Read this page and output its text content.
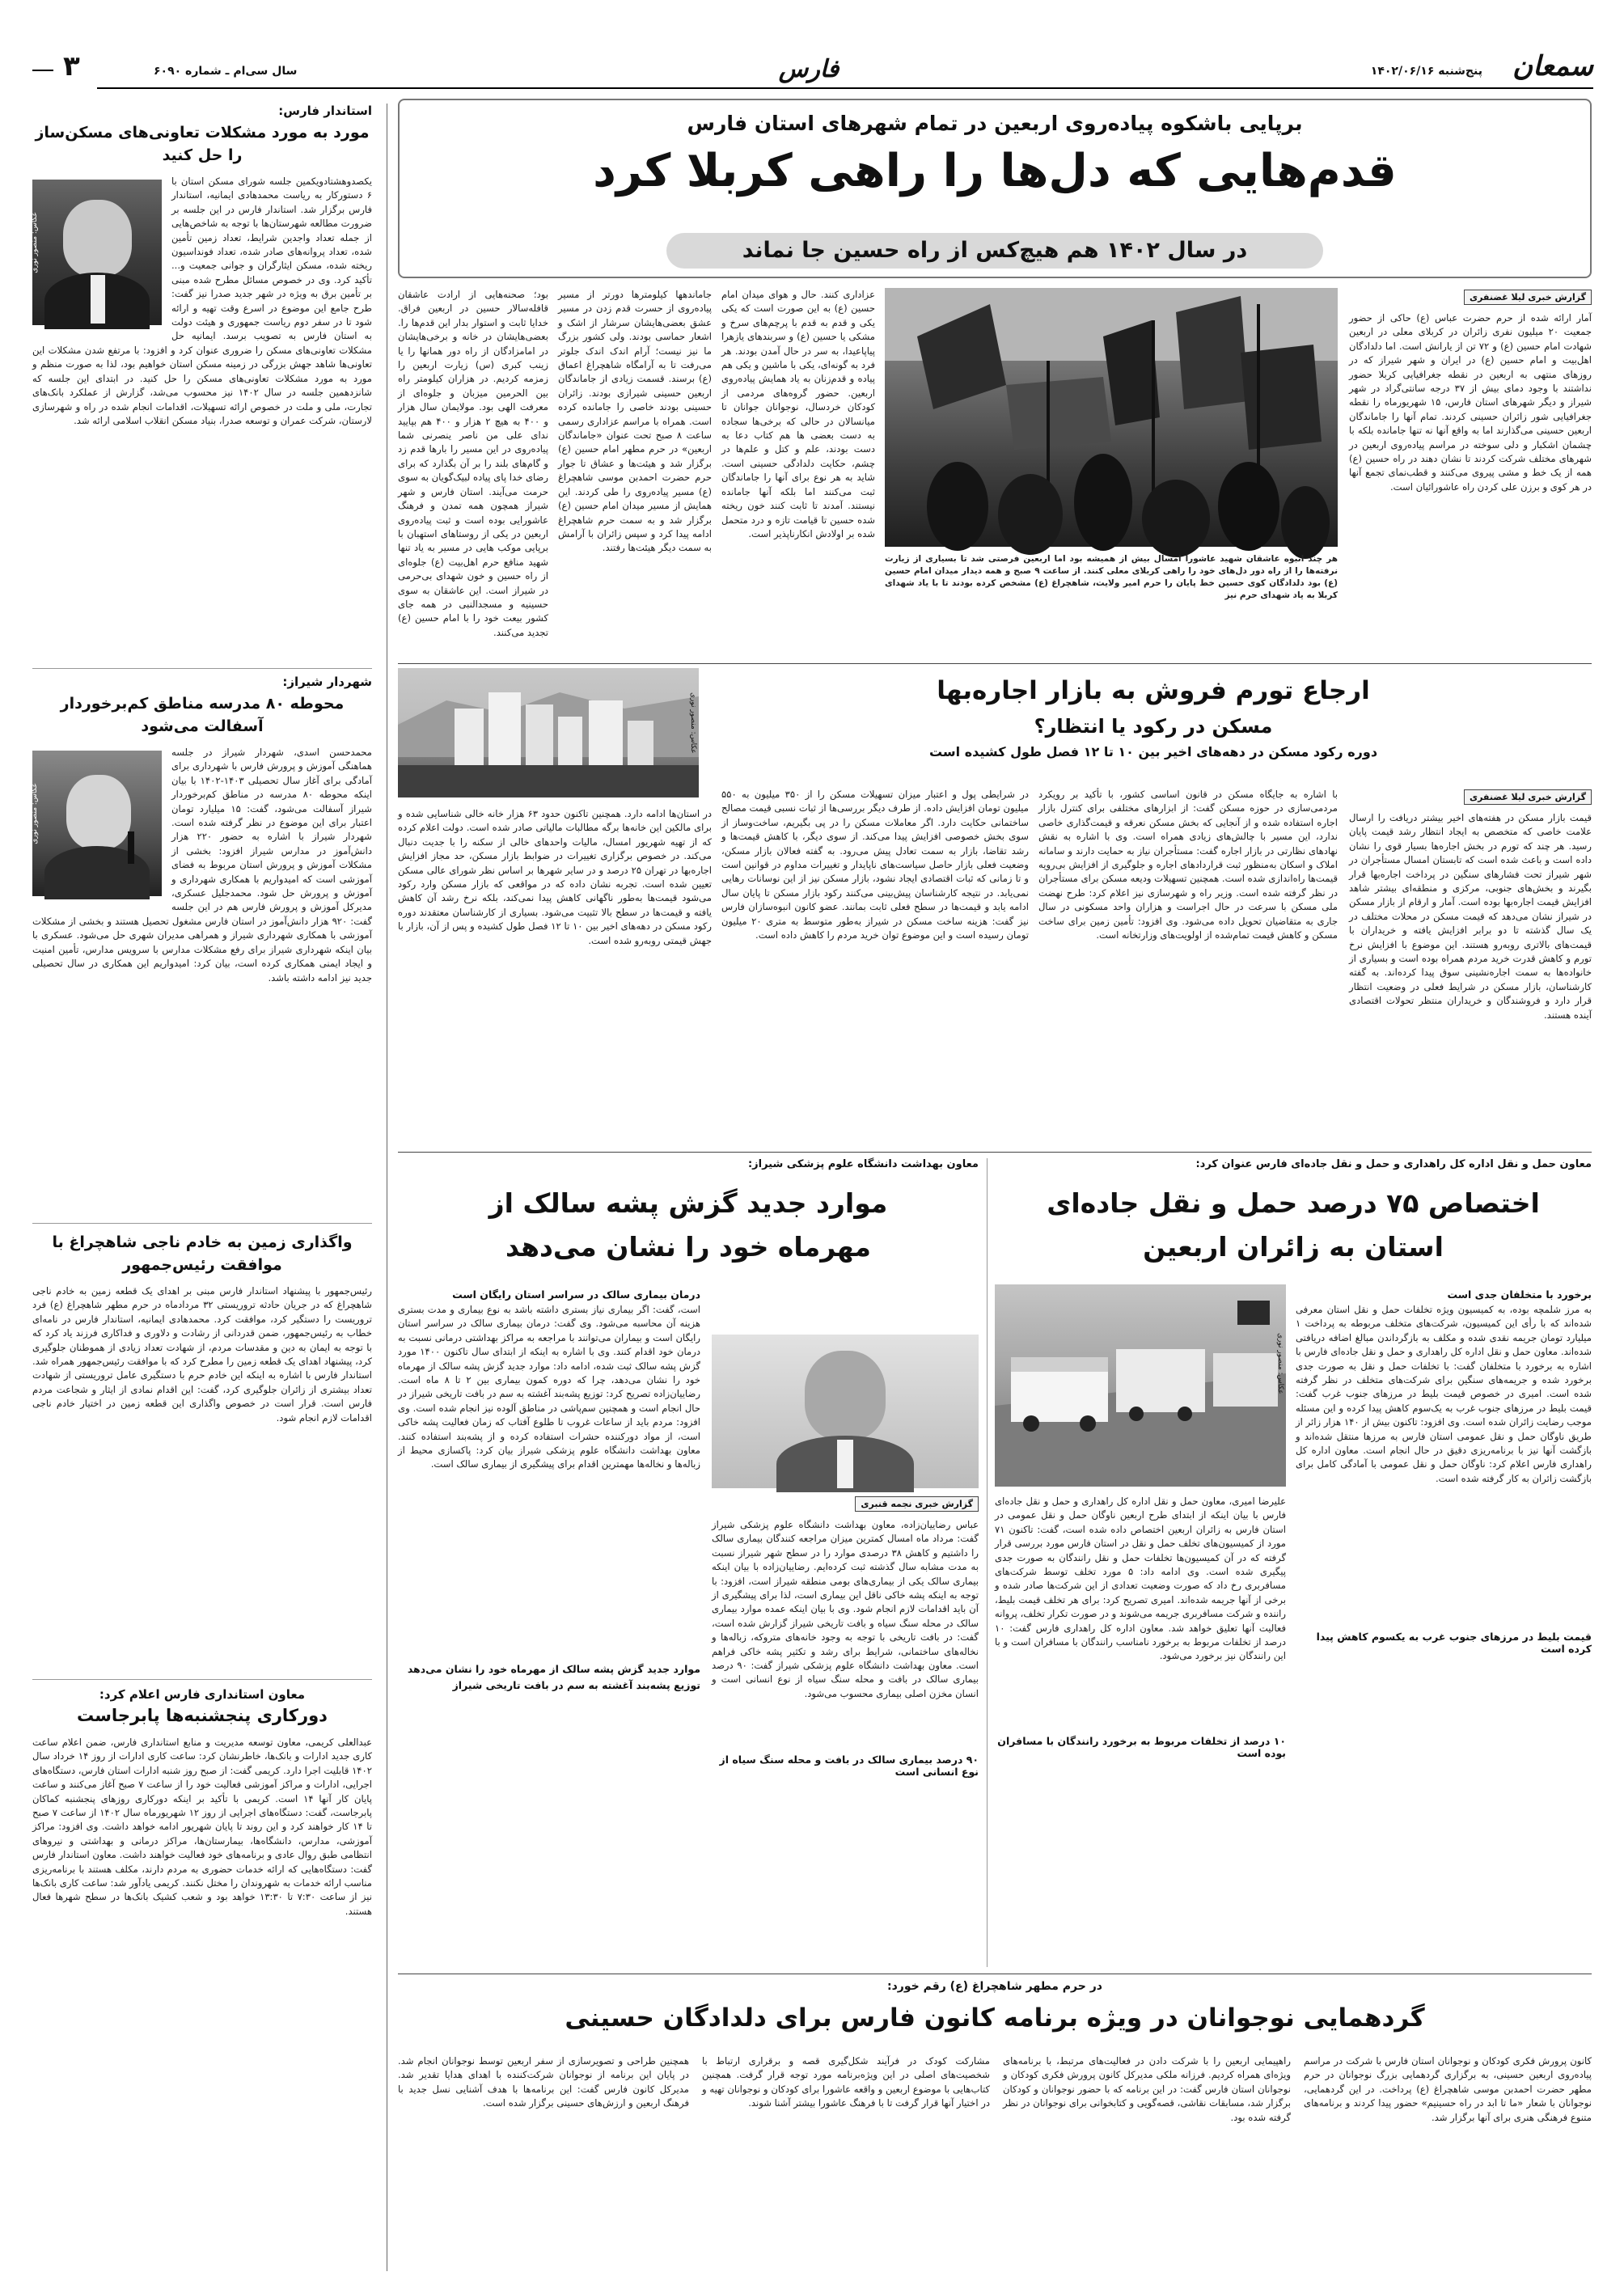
سمعان
پنج‌شنبه ۱۴۰۲/۰۶/۱۶
فارس
سال سی‌ام ـ شماره ۶۰۹۰
۳
استاندار فارس:
مورد به مورد مشکلات تعاونی‌های مسکن‌ساز را حل کنید
عکاس: منصور نوری
یکصدوهشتادویکمین جلسه شورای مسکن استان با ۶ دستورکار به ریاست محمدهادی ایمانیه، استاندار فارس برگزار شد. استاندار فارس در این جلسه بر ضرورت مطالعه شهرستان‌ها با توجه به شاخص‌هایی از جمله تعداد واجدین شرایط، تعداد زمین تأمین شده، تعداد پروانه‌های صادر شده، تعداد فونداسیون ریخته شده، مسکن ایثارگران و جوانی جمعیت و... تأکید کرد. وی در خصوص مسائل مطرح شده مبنی بر تأمین برق به ویژه در شهر جدید صدرا نیز گفت: طرح جامع این موضوع در اسرع وقت تهیه و ارائه شود تا در سفر دوم ریاست جمهوری و هیئت دولت به استان فارس به تصویب برسد. ایمانیه حل مشکلات تعاونی‌های مسکن را ضروری عنوان کرد و افزود: با مرتفع شدن مشکلات این تعاونی‌ها شاهد جهش بزرگی در زمینه مسکن استان خواهیم بود، لذا به صورت منظم و مورد به مورد مشکلات تعاونی‌های مسکن را حل کنید. در ابتدای این جلسه که شانزدهمین جلسه در سال ۱۴۰۲ نیز محسوب می‌شد، گزارش از عملکرد بانک‌های تجارت، ملی و ملت در خصوص ارائه تسهیلات، اقدامات انجام شده در راه و شهرسازی لارستان، شرکت عمران و توسعه صدرا، بنیاد مسکن انقلاب اسلامی ارائه شد.
شهردار شیراز:
محوطه ۸۰ مدرسه مناطق کم‌برخوردار آسفالت می‌شود
عکاس: منصور نوری
محمدحسن اسدی، شهردار شیراز در جلسه هماهنگی آموزش و پرورش فارس با شهرداری برای آمادگی برای آغاز سال تحصیلی ۱۴۰۳-۱۴۰۲ با بیان اینکه محوطه ۸۰ مدرسه در مناطق کم‌برخوردار شیراز آسفالت می‌شود، گفت: ۱۵ میلیارد تومان اعتبار برای این موضوع در نظر گرفته شده است. شهردار شیراز با اشاره به حضور ۲۲۰ هزار دانش‌آموز در مدارس شیراز افزود: بخشی از مشکلات آموزش و پرورش استان مربوط به فضای آموزشی است که امیدواریم با همکاری شهرداری و آموزش و پرورش حل شود. محمدجلیل عسکری، مدیرکل آموزش و پرورش فارس هم در این جلسه گفت: ۹۲۰ هزار دانش‌آموز در استان فارس مشغول تحصیل هستند و بخشی از مشکلات آموزشی با همکاری شهرداری شیراز و همراهی مدیران شهری حل می‌شود. عسکری با بیان اینکه شهرداری شیراز برای رفع مشکلات مدارس با سرویس مدارس، تأمین امنیت و ایجاد ایمنی همکاری کرده است، بیان کرد: امیدواریم این همکاری در سال تحصیلی جدید نیز ادامه داشته باشد.
واگذاری زمین به خادم ناجی شاهچراغ با موافقت رئیس‌جمهور
رئیس‌جمهور با پیشنهاد استاندار فارس مبنی بر اهدای یک قطعه زمین به خادم ناجی شاهچراغ که در جریان حادثه تروریستی ۳۲ مردادماه در حرم مطهر شاهچراغ (ع) فرد تروریست را دستگیر کرد، موافقت کرد. محمدهادی ایمانیه، استاندار فارس در نامه‌ای خطاب به رئیس‌جمهور، ضمن قدردانی از رشادت و دلاوری و فداکاری فرزند یاد کرد که با توجه به ایمان به دین و مقدسات مردم، از شهادت تعداد زیادی از هموطنان جلوگیری کرد، پیشنهاد اهدای یک قطعه زمین را مطرح کرد که با موافقت رئیس‌جمهور همراه شد. استاندار فارس با اشاره به اینکه این خادم حرم با دستگیری عامل تروریستی از شهادت تعداد بیشتری از زائران جلوگیری کرد، گفت: این اقدام نمادی از ایثار و شجاعت مردم فارس است. قرار است در خصوص واگذاری این قطعه زمین در اختیار خادم ناجی اقدامات لازم انجام شود.
معاون استانداری فارس اعلام کرد:
دورکاری پنجشنبه‌ها پابرجاست
عبدالعلی کریمی، معاون توسعه مدیریت و منابع استانداری فارس، ضمن اعلام ساعت کاری جدید ادارات و بانک‌ها، خاطرنشان کرد: ساعت کاری ادارات از روز ۱۴ خرداد سال ۱۴۰۲ قابلیت اجرا دارد. کریمی گفت: از صبح روز شنبه ادارات استان فارس، دستگاه‌های اجرایی، ادارات و مراکز آموزشی فعالیت خود را از ساعت ۷ صبح آغاز می‌کنند و ساعت پایان کار آنها ۱۴ است. کریمی با تأکید بر اینکه دورکاری روزهای پنجشنبه کماکان پابرجاست، گفت: دستگاه‌های اجرایی از روز ۱۲ شهریورماه سال ۱۴۰۲ از ساعت ۷ صبح تا ۱۴ کار خواهند کرد و این روند تا پایان شهریور ادامه خواهد داشت. وی افزود: مراکز آموزشی، مدارس، دانشگاه‌ها، بیمارستان‌ها، مراکز درمانی و بهداشتی و نیروهای انتظامی طبق روال عادی و برنامه‌های خود فعالیت خواهند داشت. معاون استاندار فارس گفت: دستگاه‌هایی که ارائه خدمات حضوری به مردم دارند، مکلف هستند با برنامه‌ریزی مناسب ارائه خدمات به شهروندان را مختل نکنند. کریمی یادآور شد: ساعت کاری بانک‌ها نیز از ساعت ۷:۳۰ تا ۱۳:۳۰ خواهد بود و شعب کشیک بانک‌ها در سطح شهرها فعال هستند.
برپایی باشکوه پیاده‌روی اربعین در تمام شهرهای استان فارس
قدم‌هایی که دل‌ها را راهی کربلا کرد
در سال ۱۴۰۲ هم هیچ‌کس از راه حسین جا نماند
گزارش خبری لیلا غضنفری
آمار ارائه شده از حرم حضرت عباس (ع) حاکی از حضور جمعیت ۲۰ میلیون نفری زائران در کربلای معلی در اربعین شهادت امام حسین (ع) و ۷۲ تن از یارانش است. اما دلدادگان اهل‌بیت و امام حسین (ع) در ایران و شهر شیراز که در روزهای منتهی به اربعین در نقطه جغرافیایی کربلا حضور نداشتند با وجود دمای بیش از ۳۷ درجه سانتی‌گراد در شهر شیراز و دیگر شهرهای استان فارس، ۱۵ شهریورماه را نقطه جغرافیایی شور زائران حسینی کردند. تمام آنها را جاماندگان اربعین حسینی می‌گذارند اما به واقع آنها نه تنها جامانده بلکه با چشمان اشکبار و دلی سوخته در مراسم پیاده‌روی اربعین در شهرهای مختلف شرکت کردند تا نشان دهند در راه حسین (ع) همه از یک خط و مشی پیروی می‌کنند و قطب‌نمای تجمع آنها در هر کوی و برزن علی کردن راه عاشورائیان است.
هر چند انبوه عاشقان شهید عاشورا امسال بیش از همیشه بود اما اربعین فرصتی شد تا بسیاری از زیارت نرفته‌ها را از راه دور دل‌های خود را راهی کربلای معلی کنند. از ساعت ۹ صبح و همه دیدار میدان امام حسین (ع) بود دلدادگان کوی حسین خط پایان را حرم امیر ولایت، شاهچراغ (ع) مشخص کرده بودند تا با یاد شهدای کربلا به یاد شهدای حرم نیز
عزاداری کنند. حال و هوای میدان امام حسین (ع) به این صورت است که یکی یکی و قدم به قدم با پرچم‌های سرخ و مشکی یا حسین (ع) و سربندهای یازهرا پیاپاعیدا، به سر در حال آمدن بودند. هر فرد به گونه‌ای، یکی با ماشین و یکی هم پیاده و قدم‌زنان به یاد همایش پیاده‌روی اربعین. حضور گروه‌های مردمی از کودکان خردسال، نوجوانان جوانان تا میانسالان در حالی که برخی‌ها سجاده به دست بعضی ها هم کتاب دعا به دست بودند، علم و کتل و علم‌ها در چشم، حکایت دلدادگی حسینی است. شاید به هر نوع برای آنها را جاماندگان ثبت می‌کنند اما بلکه آنها جامانده نیستند. آمدند تا ثابت کنند خون ریخته شده حسین تا قیامت تازه و درد متحمل شده بر اولادش انکارناپذیر است.
جاماندهها کیلومترها دورتر از مسیر پیاده‌روی از حسرت قدم زدن در مسیر عشق بعضی‌هایشان سرشار از اشک و اشعار حماسی بودند. ولی کشور بزرگ ما نیز نیست؛ آرام اندک اندک جلوتر می‌رفت تا به آرامگاه شاهچراغ اعماق (ع) برسند. قسمت زیادی از جاماندگان اربعین حسینی شیرازی بودند. زائران حسینی بودند خاصی را جامانده کرده است. همراه با مراسم عزاداری رسمی ساعت ۸ صبح تحت عنوان «جاماندگان اربعین» در حرم مطهر امام حسین (ع) برگزار شد و هیئت‌ها و عشاق تا جوار حرم حضرت احمدبن موسی شاهچراغ (ع) مسیر پیاده‌روی را طی کردند. این همایش از مسیر میدان امام حسین (ع) برگزار شد و به سمت حرم شاهچراغ ادامه پیدا کرد و سپس زائران با آرامش به سمت دیگر هیئت‌ها رفتند.
بود؛ صحنه‌هایی از ارادت عاشقان قافله‌سالار حسین در اربعین فراق. خدایا ثابت و استوار بدار این قدم‌ها را. بعضی‌هایشان در خانه و برخی‌هایشان در امامزادگان از راه دور همانها را یا زینب کبری (س) زیارت اربعین را زمزمه کردیم. در هزاران کیلومتر راه بین الحرمین میزبان و جلوه‌ای از معرفت الهی بود. مولایمان سال هزار و ۴۰۰ به هیچ ۲ هزار و ۴۰۰ هم بپایید ندای علی من ناصر ینصرنی شما پیاده‌روی در این مسیر را بارها قدم زد و گام‌های بلند را بر آن بگذارد که برای رضای خدا پای پیاده لبیک‌گویان به سوی حرمت می‌آیند. استان فارس و شهر شیراز همچون همه تمدن و فرهنگ عاشورایی بوده است و ثبت پیاده‌روی اربعین در یکی از روستاهای استهبان با برپایی موکب هایی در مسیر به یاد تنها شهید منافع حرم اهل‌بیت (ع) جلوه‌ای از راه حسین و خون شهدای بی‌حرمی در شیراز است. این عاشقان به سوی حسینیه و مسجدالنبی در همه جای کشور بیعت خود را با امام حسین (ع) تجدید می‌کنند.
عکاس: منصور نوری
ارجاع تورم فروش به بازار اجاره‌بها
مسکن در رکود یا انتظار؟
دوره رکود مسکن در دهه‌های اخیر بین ۱۰ تا ۱۲ فصل طول کشیده است
گزارش خبری لیلا غضنفری
قیمت بازار مسکن در هفته‌های اخیر بیشتر دریافت را ارسال علامت خاصی که متخصص به ایجاد انتظار رشد قیمت پایان رسید. هر چند که تورم در بخش اجاره‌ها بسیار قوی را نشان داده است و باعث شده است که تابستان امسال مستأجران در شهر شیراز تحت فشارهای سنگین در پرداخت اجاره‌بها قرار بگیرند و بخش‌های جنوبی، مرکزی و منطقه‌ای بیشتر شاهد افزایش قیمت اجاره‌بها بوده است. آمار و ارقام از بازار مسکن در شیراز نشان می‌دهد که قیمت مسکن در محلات مختلف در یک سال گذشته تا دو برابر افزایش یافته و خریداران با قیمت‌های بالاتری روبه‌رو هستند. این موضوع با افزایش نرخ تورم و کاهش قدرت خرید مردم همراه بوده است و بسیاری از خانواده‌ها به سمت اجاره‌نشینی سوق پیدا کرده‌اند. به گفته کارشناسان، بازار مسکن در شرایط فعلی در وضعیت انتظار قرار دارد و فروشندگان و خریداران منتظر تحولات اقتصادی آینده هستند.
با اشاره به جایگاه مسکن در قانون اساسی کشور، با تأکید بر رویکرد مردمی‌سازی در حوزه مسکن گفت: از ابزارهای مختلفی برای کنترل بازار اجاره استفاده شده و از آنجایی که بخش مسکن نعرقه و قیمت‌گذاری خاصی ندارد، این مسیر با چالش‌های زیادی همراه است. وی با اشاره به نقش نهادهای نظارتی در بازار اجاره گفت: مستأجران نیاز به حمایت دارند و سامانه املاک و اسکان به‌منظور ثبت قراردادهای اجاره و جلوگیری از افزایش بی‌رویه قیمت‌ها راه‌اندازی شده است. همچنین تسهیلات ودیعه مسکن برای مستأجران در نظر گرفته شده است. وزیر راه و شهرسازی نیز اعلام کرد: طرح نهضت ملی مسکن با سرعت در حال اجراست و هزاران واحد مسکونی در سال جاری به متقاضیان تحویل داده می‌شود. وی افزود: تأمین زمین برای ساخت مسکن و کاهش قیمت تمام‌شده از اولویت‌های وزارتخانه است.
در شرایطی پول و اعتبار میزان تسهیلات مسکن را از ۳۵۰ میلیون به ۵۵۰ میلیون تومان افزایش داده. از طرف دیگر بررسی‌ها از ثبات نسبی قیمت مصالح ساختمانی حکایت دارد. اگر معاملات مسکن را در پی بگیریم، ساخت‌وساز از سوی بخش خصوصی افزایش پیدا می‌کند. از سوی دیگر، با کاهش قیمت‌ها و رشد تقاضا، بازار به سمت تعادل پیش می‌رود. به گفته فعالان بازار مسکن، وضعیت فعلی بازار حاصل سیاست‌های ناپایدار و تغییرات مداوم در قوانین است و تا زمانی که ثبات اقتصادی ایجاد نشود، بازار مسکن نیز از این نوسانات رهایی نمی‌یابد. در نتیجه کارشناسان پیش‌بینی می‌کنند رکود بازار مسکن تا پایان سال ادامه یابد و قیمت‌ها در سطح فعلی ثابت بمانند. عضو کانون انبوه‌سازان فارس نیز گفت: هزینه ساخت مسکن در شیراز به‌طور متوسط به متری ۲۰ میلیون تومان رسیده است و این موضوع توان خرید مردم را کاهش داده است.
در استان‌ها ادامه دارد. همچنین تاکنون حدود ۶۳ هزار خانه خالی شناسایی شده و برای مالکین این خانه‌ها برگه مطالبات مالیاتی صادر شده است. دولت اعلام کرده که از تهیه شهریور امسال، مالیات واحدهای خالی از سکنه را با جدیت دنبال می‌کند. در خصوص برگزاری تغییرات در ضوابط بازار مسکن، حد مجاز افزایش اجاره‌بها در تهران ۲۵ درصد و در سایر شهرها بر اساس نظر شورای عالی مسکن تعیین شده است. تجربه نشان داده که در مواقعی که بازار مسکن وارد رکود می‌شود قیمت‌ها به‌طور ناگهانی کاهش پیدا نمی‌کند، بلکه نرخ رشد آن کاهش یافته و قیمت‌ها در سطح بالا تثبیت می‌شود. بسیاری از کارشناسان معتقدند دوره رکود مسکن در دهه‌های اخیر بین ۱۰ تا ۱۲ فصل طول کشیده و پس از آن، بازار با جهش قیمتی روبه‌رو شده است.
معاون حمل و نقل اداره کل راهداری و حمل و نقل جاده‌ای فارس عنوان کرد:
اختصاص ۷۵ درصد حمل و نقل جاده‌ای استان به زائران اربعین
عکاس: منصور نوری
علیرضا امیری، معاون حمل و نقل اداره کل راهداری و حمل و نقل جاده‌ای فارس با بیان اینکه از ابتدای طرح اربعین ناوگان حمل و نقل عمومی در استان فارس به زائران اربعین اختصاص داده شده است، گفت: تاکنون ۷۱ مورد از کمیسیون‌های تخلف حمل و نقل در استان فارس مورد بررسی قرار گرفته که در آن کمیسیون‌ها تخلفات حمل و نقل رانندگان به صورت جدی پیگیری شده است. وی ادامه داد: ۵ مورد تخلف توسط شرکت‌های مسافربری رخ داد که صورت وضعیت تعدادی از این شرکت‌ها صادر شده و برخی از آنها جریمه شده‌اند. امیری تصریح کرد: برای هر تخلف قیمت بلیط، راننده و شرکت مسافربری جریمه می‌شوند و در صورت تکرار تخلف، پروانه فعالیت آنها تعلیق خواهد شد. معاون اداره کل راهداری فارس گفت: ۱۰ درصد از تخلفات مربوط به برخورد نامناسب رانندگان با مسافران است و با این رانندگان نیز برخورد می‌شود.
۱۰ درصد از تخلفات مربوط به برخورد رانندگان با مسافران بوده است
برخورد با متخلفان جدی است
به مرز شلمچه بوده، به کمیسیون ویژه تخلفات حمل و نقل استان معرفی شده‌اند که با رأی این کمیسیون، شرکت‌های متخلف مربوطه به پرداخت ۱ میلیارد تومان جریمه نقدی شده و مکلف به بازگرداندن مبالغ اضافه دریافتی شده‌اند. معاون حمل و نقل اداره کل راهداری و حمل و نقل جاده‌ای فارس با اشاره به برخورد با متخلفان گفت: با تخلفات حمل و نقل به صورت جدی برخورد شده و جریمه‌های سنگین برای شرکت‌های متخلف در نظر گرفته شده است. امیری در خصوص قیمت بلیط در مرزهای جنوب غرب گفت: قیمت بلیط در مرزهای جنوب غرب به یک‌سوم کاهش پیدا کرده و این مسئله موجب رضایت زائران شده است. وی افزود: تاکنون بیش از ۱۴۰ هزار زائر از طریق ناوگان حمل و نقل عمومی استان فارس به مرزها منتقل شده‌اند و بازگشت آنها نیز با برنامه‌ریزی دقیق در حال انجام است. معاون اداره کل راهداری فارس اعلام کرد: ناوگان حمل و نقل عمومی با آمادگی کامل برای بازگشت زائران به کار گرفته شده است.
قیمت بلیط در مرزهای جنوب غرب به یکسوم کاهش پیدا کرده است
معاون بهداشت دانشگاه علوم پزشکی شیراز:
موارد جدید گزش پشه سالک از مهرماه خود را نشان می‌دهد
گزارش خبری نجمه قنبری
عباس رضاییان‌زاده، معاون بهداشت دانشگاه علوم پزشکی شیراز گفت: مرداد ماه امسال کمترین میزان مراجعه کنندگان بیماری سالک را داشتیم و کاهش ۳۸ درصدی موارد را در سطح شهر شیراز نسبت به مدت مشابه سال گذشته ثبت کرده‌ایم. رضاییان‌زاده با بیان اینکه بیماری سالک یکی از بیماری‌های بومی منطقه شیراز است، افزود: با توجه به اینکه پشه خاکی ناقل این بیماری است، لذا برای پیشگیری از آن باید اقدامات لازم انجام شود. وی با بیان اینکه عمده موارد بیماری سالک در محله سنگ سیاه و بافت تاریخی شیراز گزارش شده است، گفت: در بافت تاریخی با توجه به وجود خانه‌های متروکه، زباله‌ها و نخاله‌های ساختمانی، شرایط برای رشد و تکثیر پشه خاکی فراهم است. معاون بهداشت دانشگاه علوم پزشکی شیراز گفت: ۹۰ درصد بیماری سالک در بافت و محله سنگ سیاه از نوع انسانی است و انسان مخزن اصلی بیماری محسوب می‌شود.
۹۰ درصد بیماری سالک در بافت و محله سنگ سیاه از نوع انسانی است
درمان بیماری سالک در سراسر استان رایگان است
است، گفت: اگر بیماری نیاز بستری داشته باشد به نوع بیماری و مدت بستری هزینه آن محاسبه می‌شود. وی گفت: درمان بیماری سالک در سراسر استان رایگان است و بیماران می‌توانند با مراجعه به مراکز بهداشتی درمانی نسبت به درمان خود اقدام کنند. وی با اشاره به اینکه از ابتدای سال تاکنون ۱۴۰۰ مورد گزش پشه سالک ثبت شده، ادامه داد: موارد جدید گزش پشه سالک از مهرماه خود را نشان می‌دهد، چرا که دوره کمون بیماری بین ۲ تا ۸ ماه است. رضاییان‌زاده تصریح کرد: توزیع پشه‌بند آغشته به سم در بافت تاریخی شیراز در حال انجام است و همچنین سم‌پاشی در مناطق آلوده نیز انجام شده است. وی افزود: مردم باید از ساعات غروب تا طلوع آفتاب که زمان فعالیت پشه خاکی است، از مواد دورکننده حشرات استفاده کرده و از پشه‌بند استفاده کنند. معاون بهداشت دانشگاه علوم پزشکی شیراز بیان کرد: پاکسازی محیط از زباله‌ها و نخاله‌ها مهمترین اقدام برای پیشگیری از بیماری سالک است.
موارد جدید گزش پشه سالک از مهرماه خود را نشان می‌دهد
توزیع پشه‌بند آغشته به سم در بافت تاریخی شیراز
در حرم مطهر شاهچراغ (ع) رقم خورد:
گردهمایی نوجوانان در ویژه برنامه کانون فارس برای دلدادگان حسینی
کانون پرورش فکری کودکان و نوجوانان استان فارس با شرکت در مراسم پیاده‌روی اربعین حسینی، به برگزاری گردهمایی بزرگ نوجوانان در حرم مطهر حضرت احمدبن موسی شاهچراغ (ع) پرداخت. در این گردهمایی، نوجوانان با شعار «ما تا ابد در راه حسینیم» حضور پیدا کردند و برنامه‌های متنوع فرهنگی هنری برای آنها برگزار شد.
راهپیمایی اربعین را با شرکت دادن در فعالیت‌های مرتبط، با برنامه‌های ویژه‌ای همراه کردیم. فرزانه ملکی مدیرکل کانون پرورش فکری کودکان و نوجوانان استان فارس گفت: در این برنامه که با حضور نوجوانان و کودکان برگزار شد، مسابقات نقاشی، قصه‌گویی و کتابخوانی برای نوجوانان در نظر گرفته شده بود.
مشارکت کودک در فرآیند شکل‌گیری قصه و برقراری ارتباط با شخصیت‌های اصلی در این ویژه‌برنامه مورد توجه قرار گرفت. همچنین کتاب‌هایی با موضوع اربعین و واقعه عاشورا برای کودکان و نوجوانان تهیه و در اختیار آنها قرار گرفت تا با فرهنگ عاشورا بیشتر آشنا شوند.
همچنین طراحی و تصویرسازی از سفر اربعین توسط نوجوانان انجام شد. در پایان این برنامه از نوجوانان شرکت‌کننده با اهدای هدایا تقدیر شد. مدیرکل کانون فارس گفت: این برنامه‌ها با هدف آشنایی نسل جدید با فرهنگ اربعین و ارزش‌های حسینی برگزار شده است.
